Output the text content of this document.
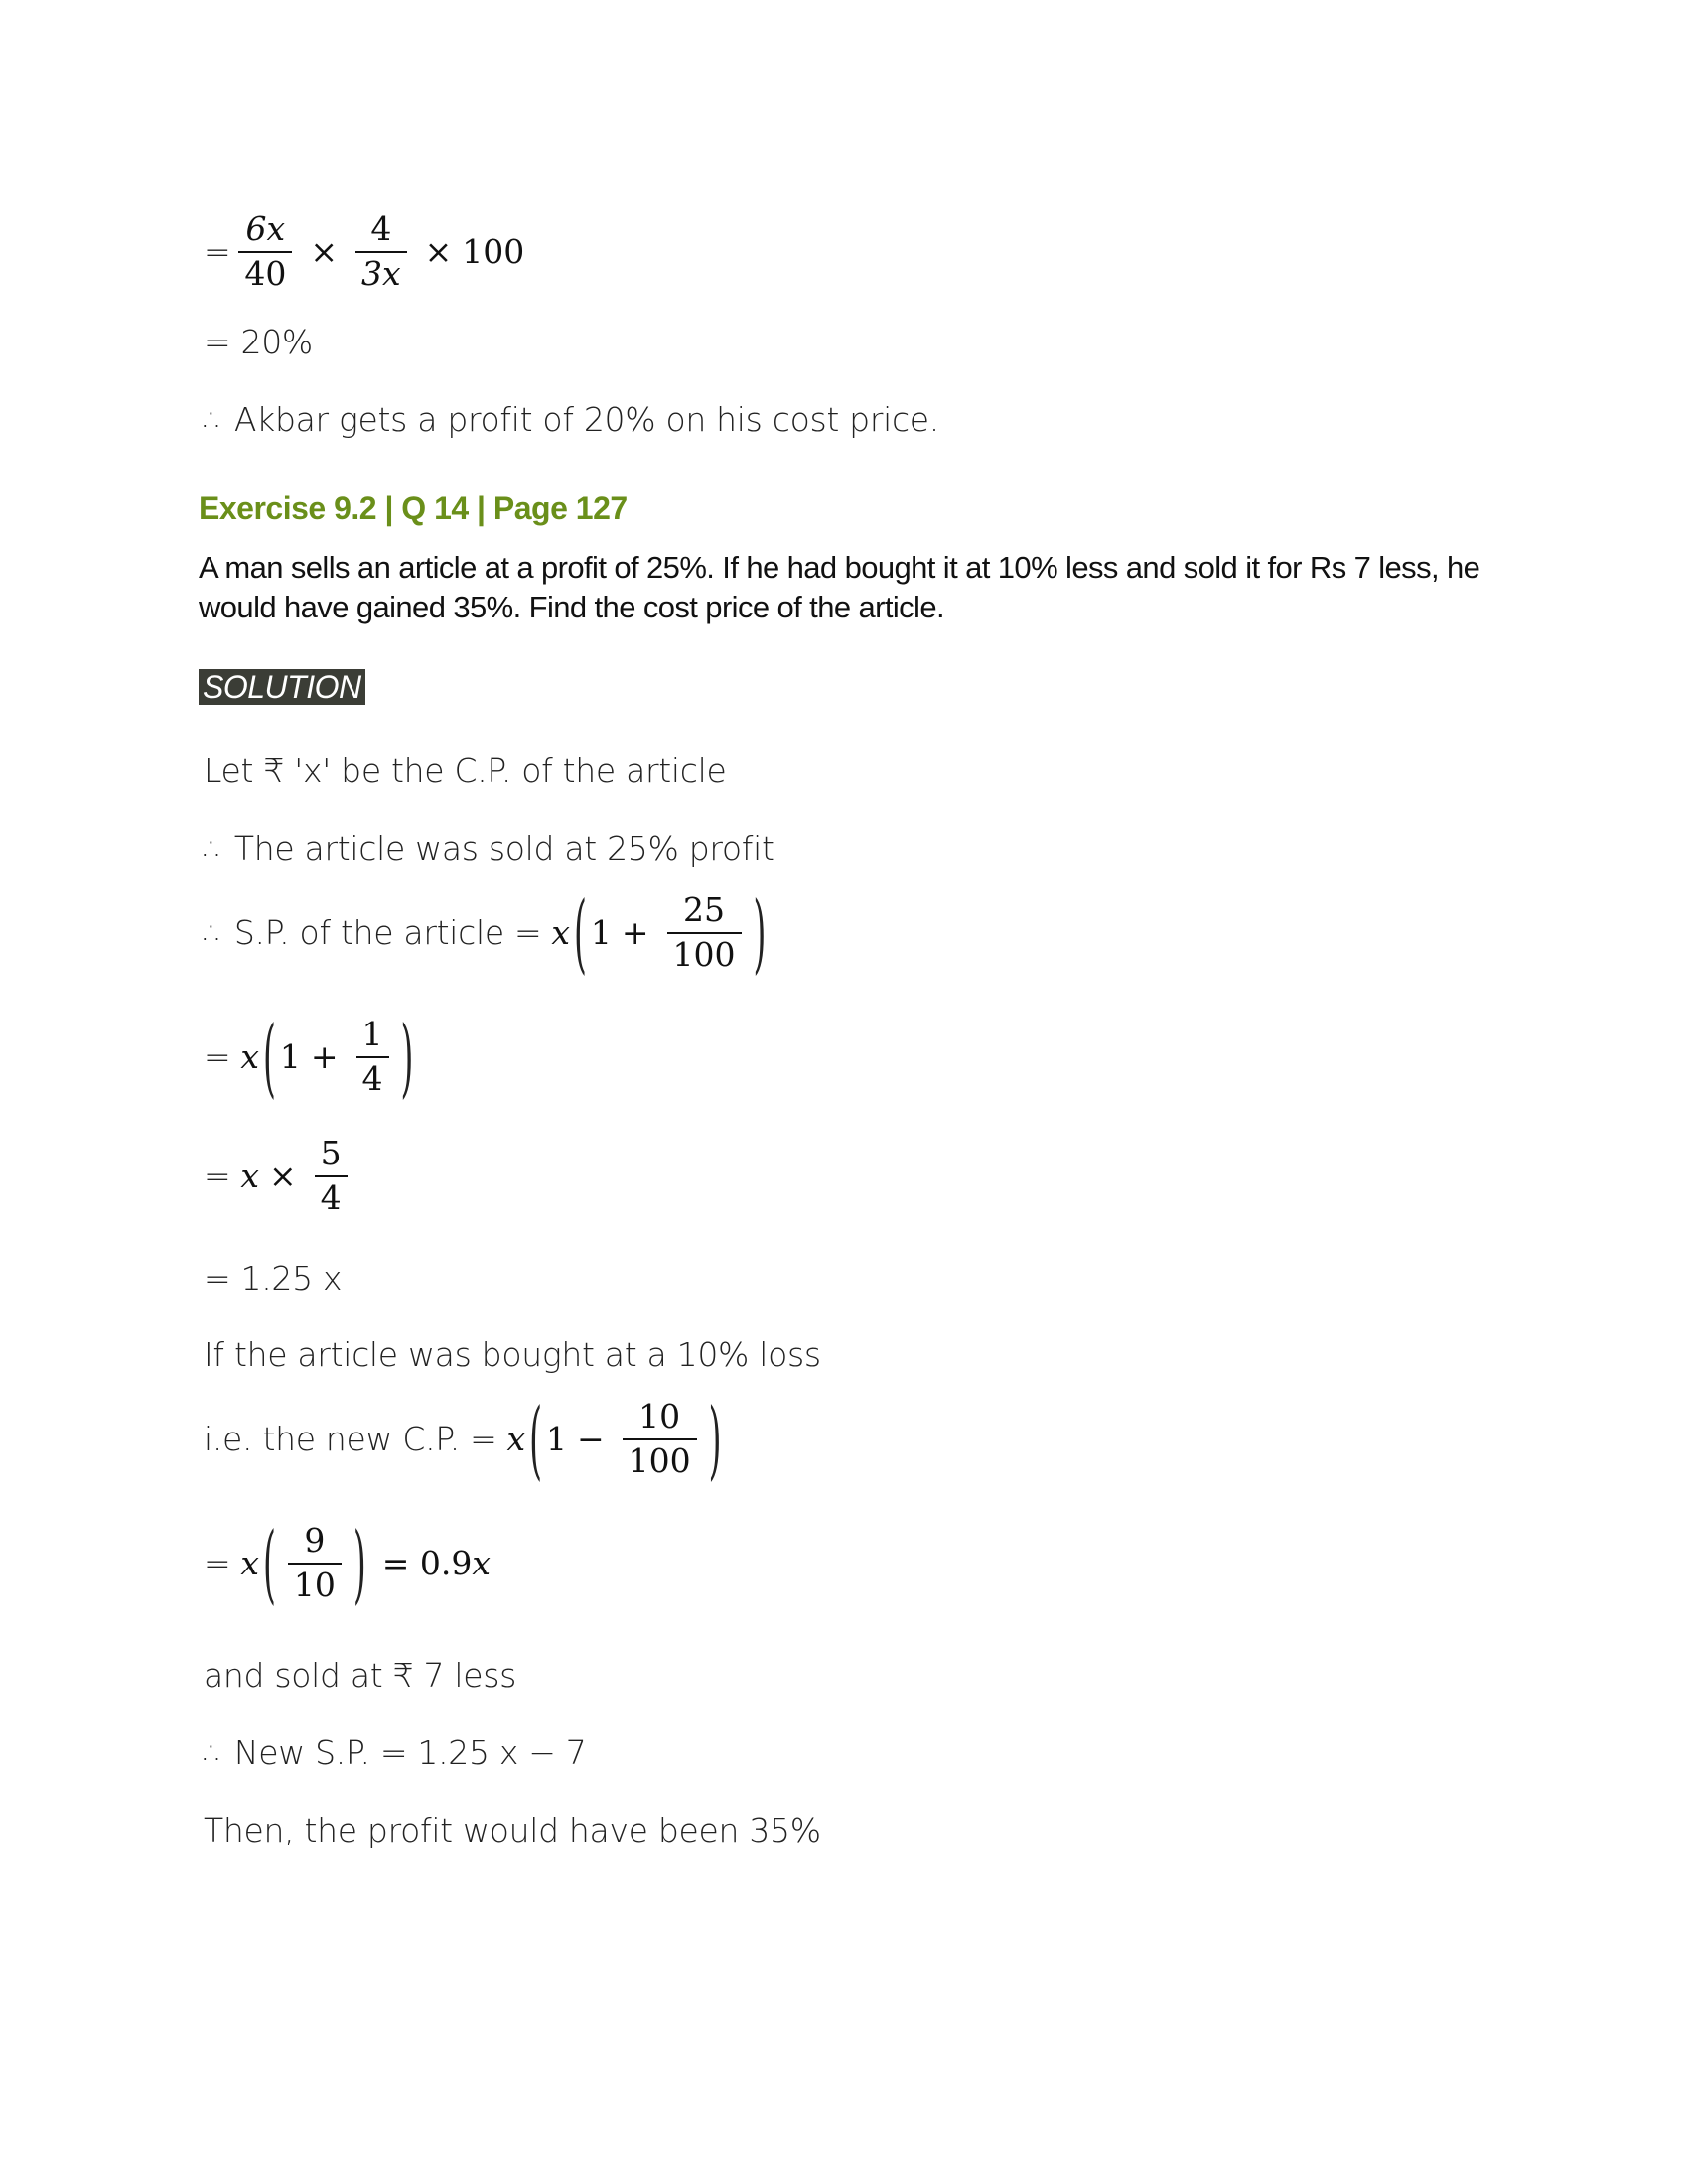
= $\frac{6x}{40} \times \frac{4}{3x} \times 100$
= 20%
∴ Akbar gets a profit of 20% on his cost price.
Exercise 9.2 | Q 14 | Page 127
A man sells an article at a profit of 25%. If he had bought it at 10% less and sold it for Rs 7 less, he would have gained 35%. Find the cost price of the article.
SOLUTION
Let ₹ 'x' be the C.P. of the article
∴ The article was sold at 25% profit
∴ S.P. of the article = x ( $1 + \frac{25}{100}$ )
= x ( $1 + \frac{1}{4}$ )
= $x \times \frac{5}{4}$
= 1.25 x
If the article was bought at a 10% loss
i.e. the new C.P. = x ( $1 - \frac{10}{100}$ )
= x ( $\frac{9}{10}$ ) = 0.9 x
and sold at ₹ 7 less
∴ New S.P. = 1.25 x − 7
Then, the profit would have been 35%
